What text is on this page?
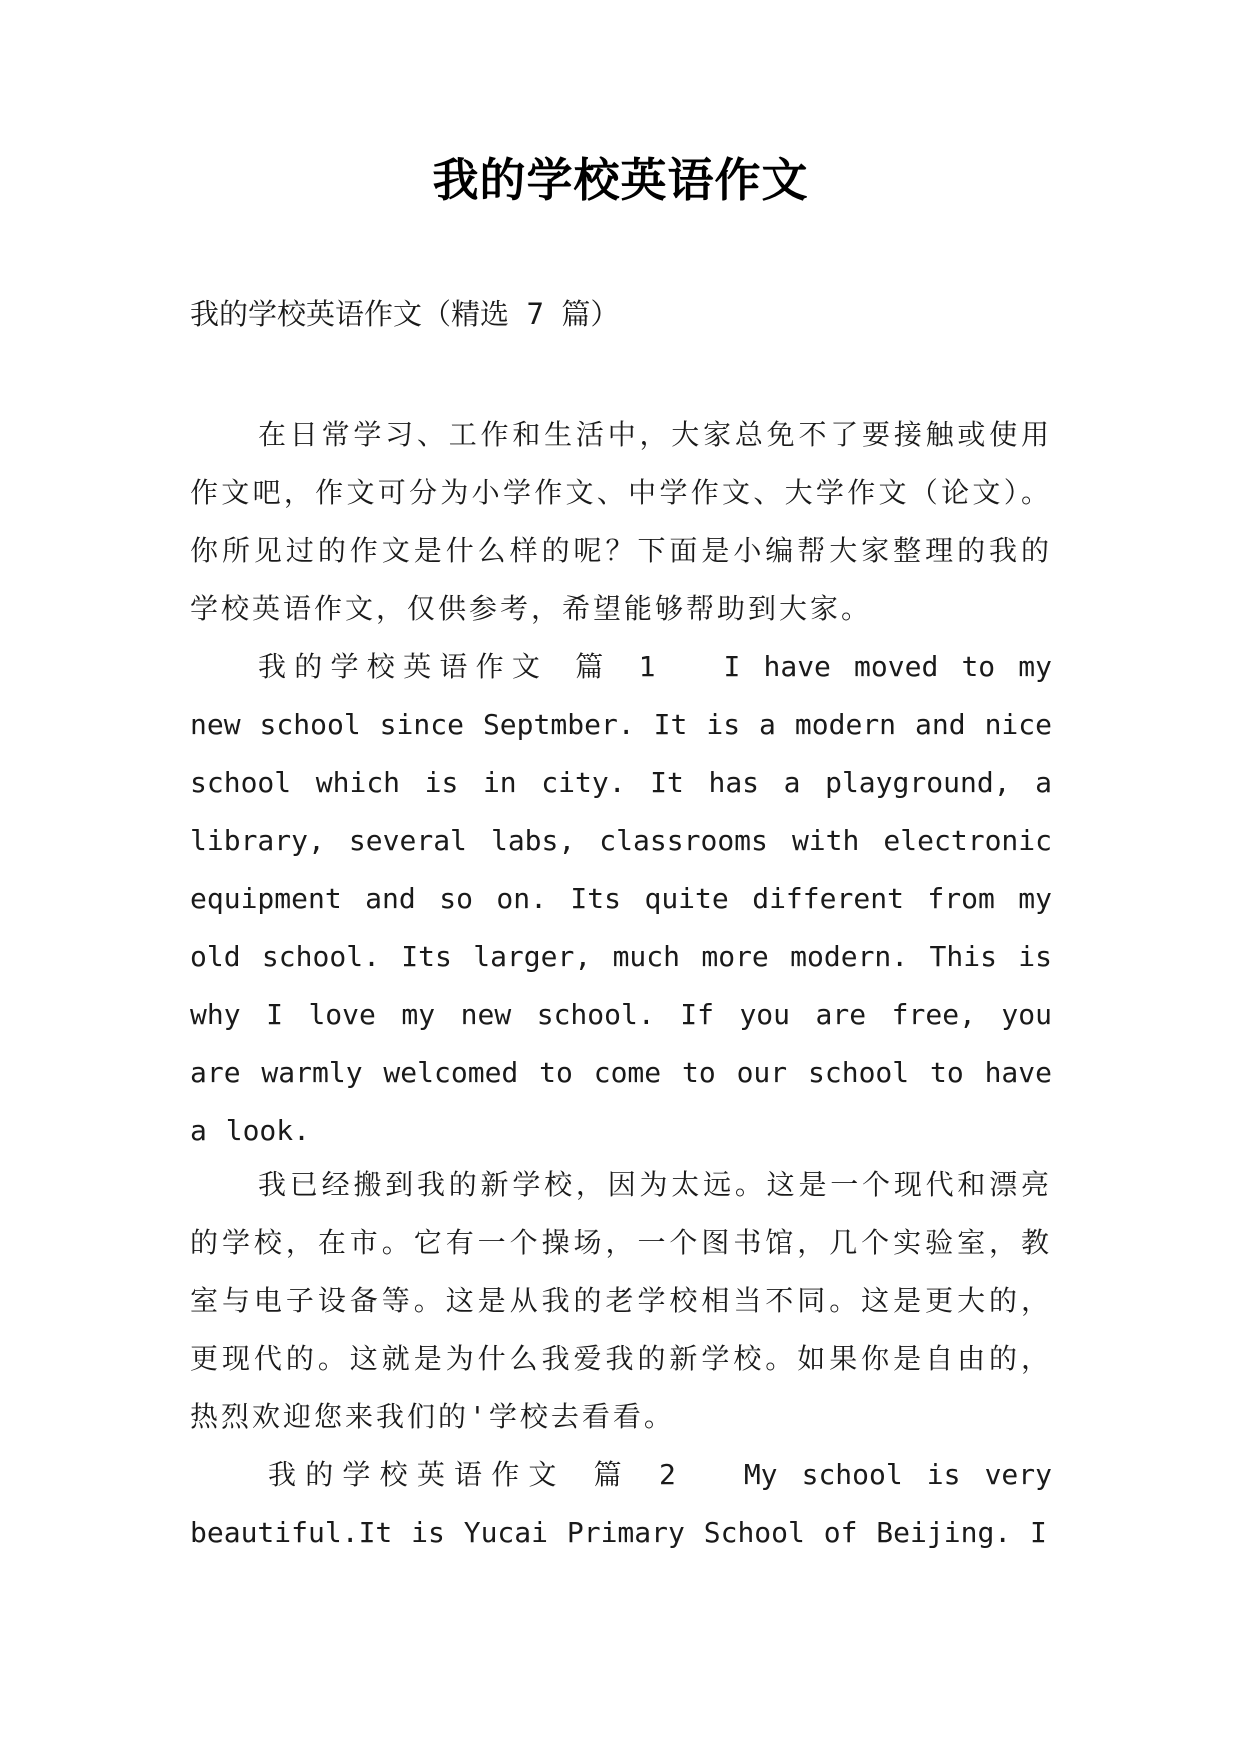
我的学校英语作文
我的学校英语作文（精选 7 篇）

在日常学习、工作和生活中，大家总免不了要接触或使用作文吧，作文可分为小学作文、中学作文、大学作文（论文）。你所见过的作文是什么样的呢？下面是小编帮大家整理的我的学校英语作文，仅供参考，希望能够帮助到大家。

我的学校英语作文 篇 1 I have moved to my new school since Septmber. It is a modern and nice school which is in city. It has a playground, a library, several labs, classrooms with electronic equipment and so on. Its quite different from my old school. Its larger, much more modern. This is why I love my new school. If you are free, you are warmly welcomed to come to our school to have a look.

我已经搬到我的新学校，因为太远。这是一个现代和漂亮的学校，在市。它有一个操场，一个图书馆，几个实验室，教室与电子设备等。这是从我的老学校相当不同。这是更大的，更现代的。这就是为什么我爱我的新学校。如果你是自由的，热烈欢迎您来我们的'学校去看看。

我的学校英语作文 篇 2 My school is very beautiful.It is Yucai Primary School of Beijing. I
